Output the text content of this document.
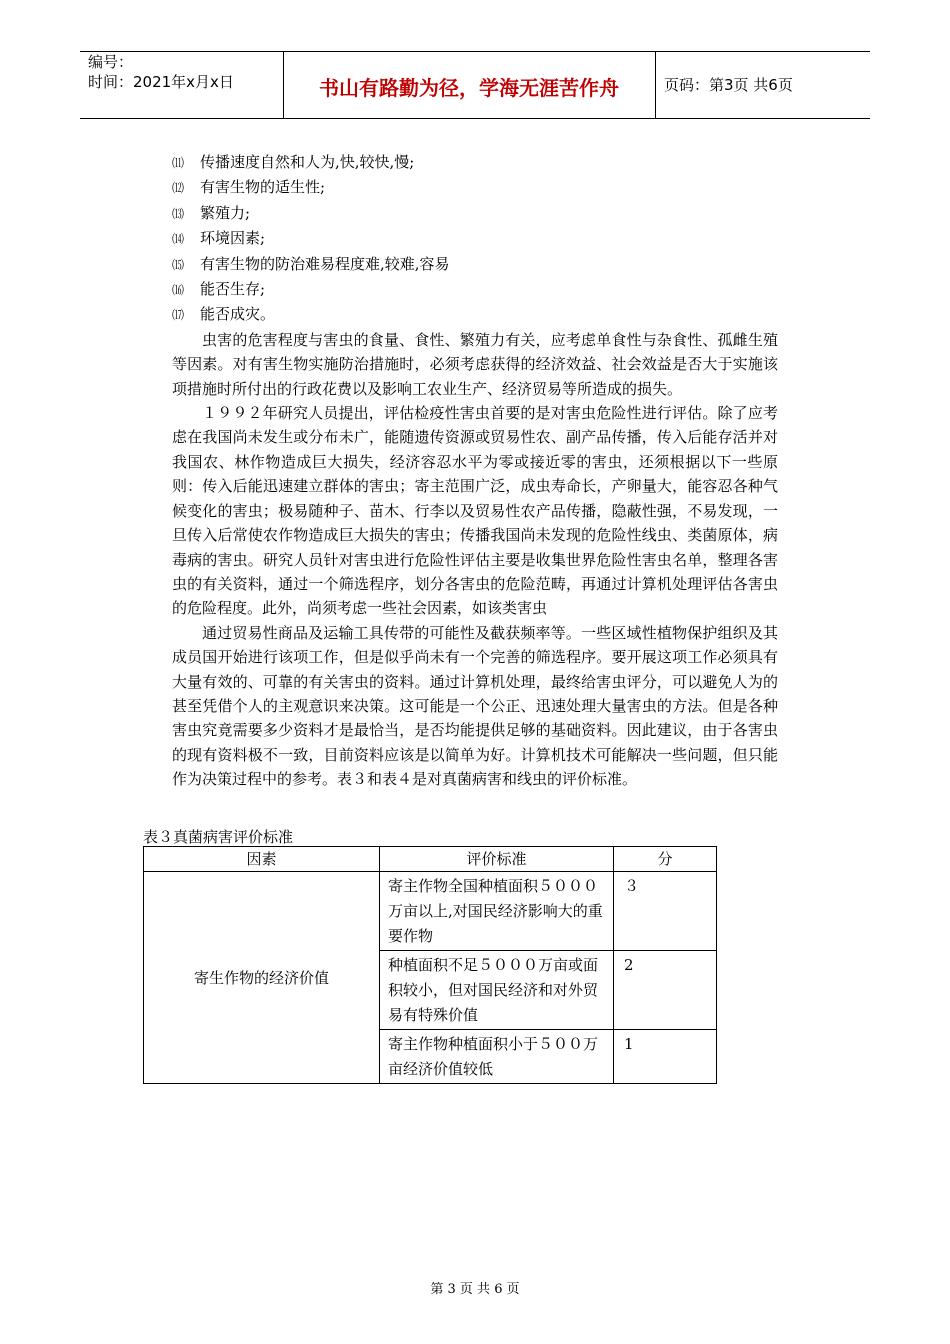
编号：
时间：2021年x月x日	书山有路勤为径，学海无涯苦作舟	页码：第3页 共6页

⑾ 传播速度自然和人为,快,较快,慢;

⑿ 有害生物的适生性;

⒀ 繁殖力;

⒁ 环境因素;

⒂ 有害生物的防治难易程度难,较难,容易

⒃ 能否生存;

⒄ 能否成灾。

虫害的危害程度与害虫的食量、食性、繁殖力有关，应考虑单食性与杂食性、孤雌生殖等因素。对有害生物实施防治措施时，必须考虑获得的经济效益、社会效益是否大于实施该项措施时所付出的行政花费以及影响工农业生产、经济贸易等所造成的损失。

１９９２年研究人员提出，评估检疫性害虫首要的是对害虫危险性进行评估。除了应考虑在我国尚未发生或分布未广，能随遗传资源或贸易性农、副产品传播，传入后能存活并对我国农、林作物造成巨大损失，经济容忍水平为零或接近零的害虫，还须根据以下一些原则：传入后能迅速建立群体的害虫；寄主范围广泛，成虫寿命长，产卵量大，能容忍各种气候变化的害虫；极易随种子、苗木、行李以及贸易性农产品传播，隐蔽性强，不易发现，一旦传入后常使农作物造成巨大损失的害虫；传播我国尚未发现的危险性线虫、类菌原体，病毒病的害虫。研究人员针对害虫进行危险性评估主要是收集世界危险性害虫名单，整理各害虫的有关资料，通过一个筛选程序，划分各害虫的危险范畴，再通过计算机处理评估各害虫的危险程度。此外，尚须考虑一些社会因素，如该类害虫

通过贸易性商品及运输工具传带的可能性及截获频率等。一些区域性植物保护组织及其成员国开始进行该项工作，但是似乎尚未有一个完善的筛选程序。要开展这项工作必须具有大量有效的、可靠的有关害虫的资料。通过计算机处理，最终给害虫评分，可以避免人为的甚至凭借个人的主观意识来决策。这可能是一个公正、迅速处理大量害虫的方法。但是各种害虫究竟需要多少资料才是最恰当，是否均能提供足够的基础资料。因此建议，由于各害虫的现有资料极不一致，目前资料应该是以简单为好。计算机技术可能解决一些问题，但只能作为决策过程中的参考。表３和表４是对真菌病害和线虫的评价标准。

表３真菌病害评价标准
因素	评价标准	分
寄生作物的经济价值	寄主作物全国种植面积５０００万亩以上,对国民经济影响大的重要作物	３
	种植面积不足５０００万亩或面积较小，但对国民经济和对外贸易有特殊价值	2
	寄主作物种植面积小于５００万亩经济价值较低	1
第 3 页 共 6 页
